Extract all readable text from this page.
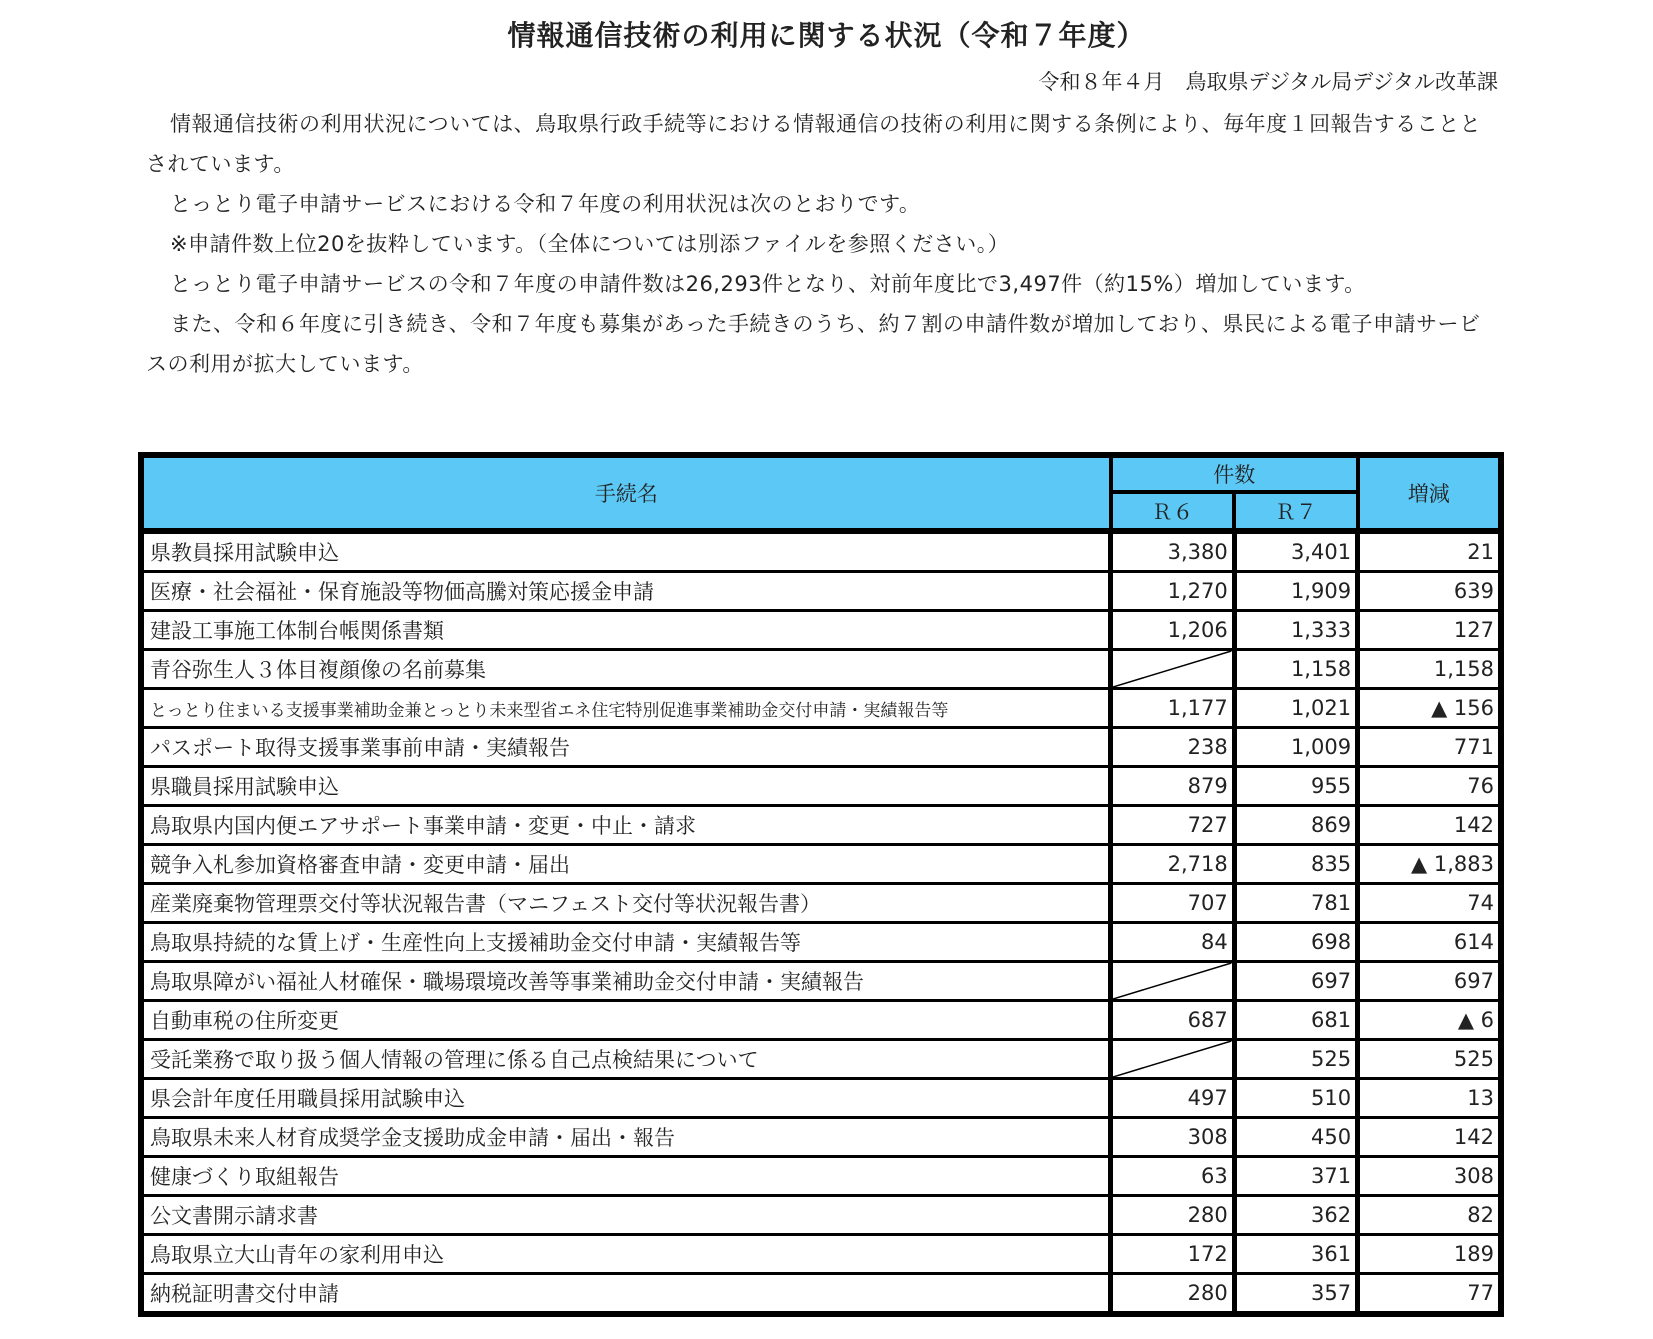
情報通信技術の利用に関する状況（令和７年度）
令和８年４月　鳥取県デジタル局デジタル改革課

情報通信技術の利用状況については、鳥取県行政手続等における情報通信の技術の利用に関する条例により、毎年度１回報告することとされています。

とっとり電子申請サービスにおける令和７年度の利用状況は次のとおりです。

※申請件数上位20を抜粋しています。（全体については別添ファイルを参照ください。）

とっとり電子申請サービスの令和７年度の申請件数は26,293件となり、対前年度比で3,497件（約15%）増加しています。

また、令和６年度に引き続き、令和７年度も募集があった手続きのうち、約７割の申請件数が増加しており、県民による電子申請サービスの利用が拡大しています。

手続名	件数		増減
	Ｒ６	Ｒ７	
県教員採用試験申込	3,380	3,401	21
医療・社会福祉・保育施設等物価高騰対策応援金申請	1,270	1,909	639
建設工事施工体制台帳関係書類	1,206	1,333	127
青谷弥生人３体目複顔像の名前募集		1,158	1,158
とっとり住まいる支援事業補助金兼とっとり未来型省エネ住宅特別促進事業補助金交付申請・実績報告等	1,177	1,021	▲ 156
パスポート取得支援事業事前申請・実績報告	238	1,009	771
県職員採用試験申込	879	955	76
鳥取県内国内便エアサポート事業申請・変更・中止・請求	727	869	142
競争入札参加資格審査申請・変更申請・届出	2,718	835	▲ 1,883
産業廃棄物管理票交付等状況報告書（マニフェスト交付等状況報告書）	707	781	74
鳥取県持続的な賃上げ・生産性向上支援補助金交付申請・実績報告等	84	698	614
鳥取県障がい福祉人材確保・職場環境改善等事業補助金交付申請・実績報告		697	697
自動車税の住所変更	687	681	▲ 6
受託業務で取り扱う個人情報の管理に係る自己点検結果について		525	525
県会計年度任用職員採用試験申込	497	510	13
鳥取県未来人材育成奨学金支援助成金申請・届出・報告	308	450	142
健康づくり取組報告	63	371	308
公文書開示請求書	280	362	82
鳥取県立大山青年の家利用申込	172	361	189
納税証明書交付申請	280	357	77
